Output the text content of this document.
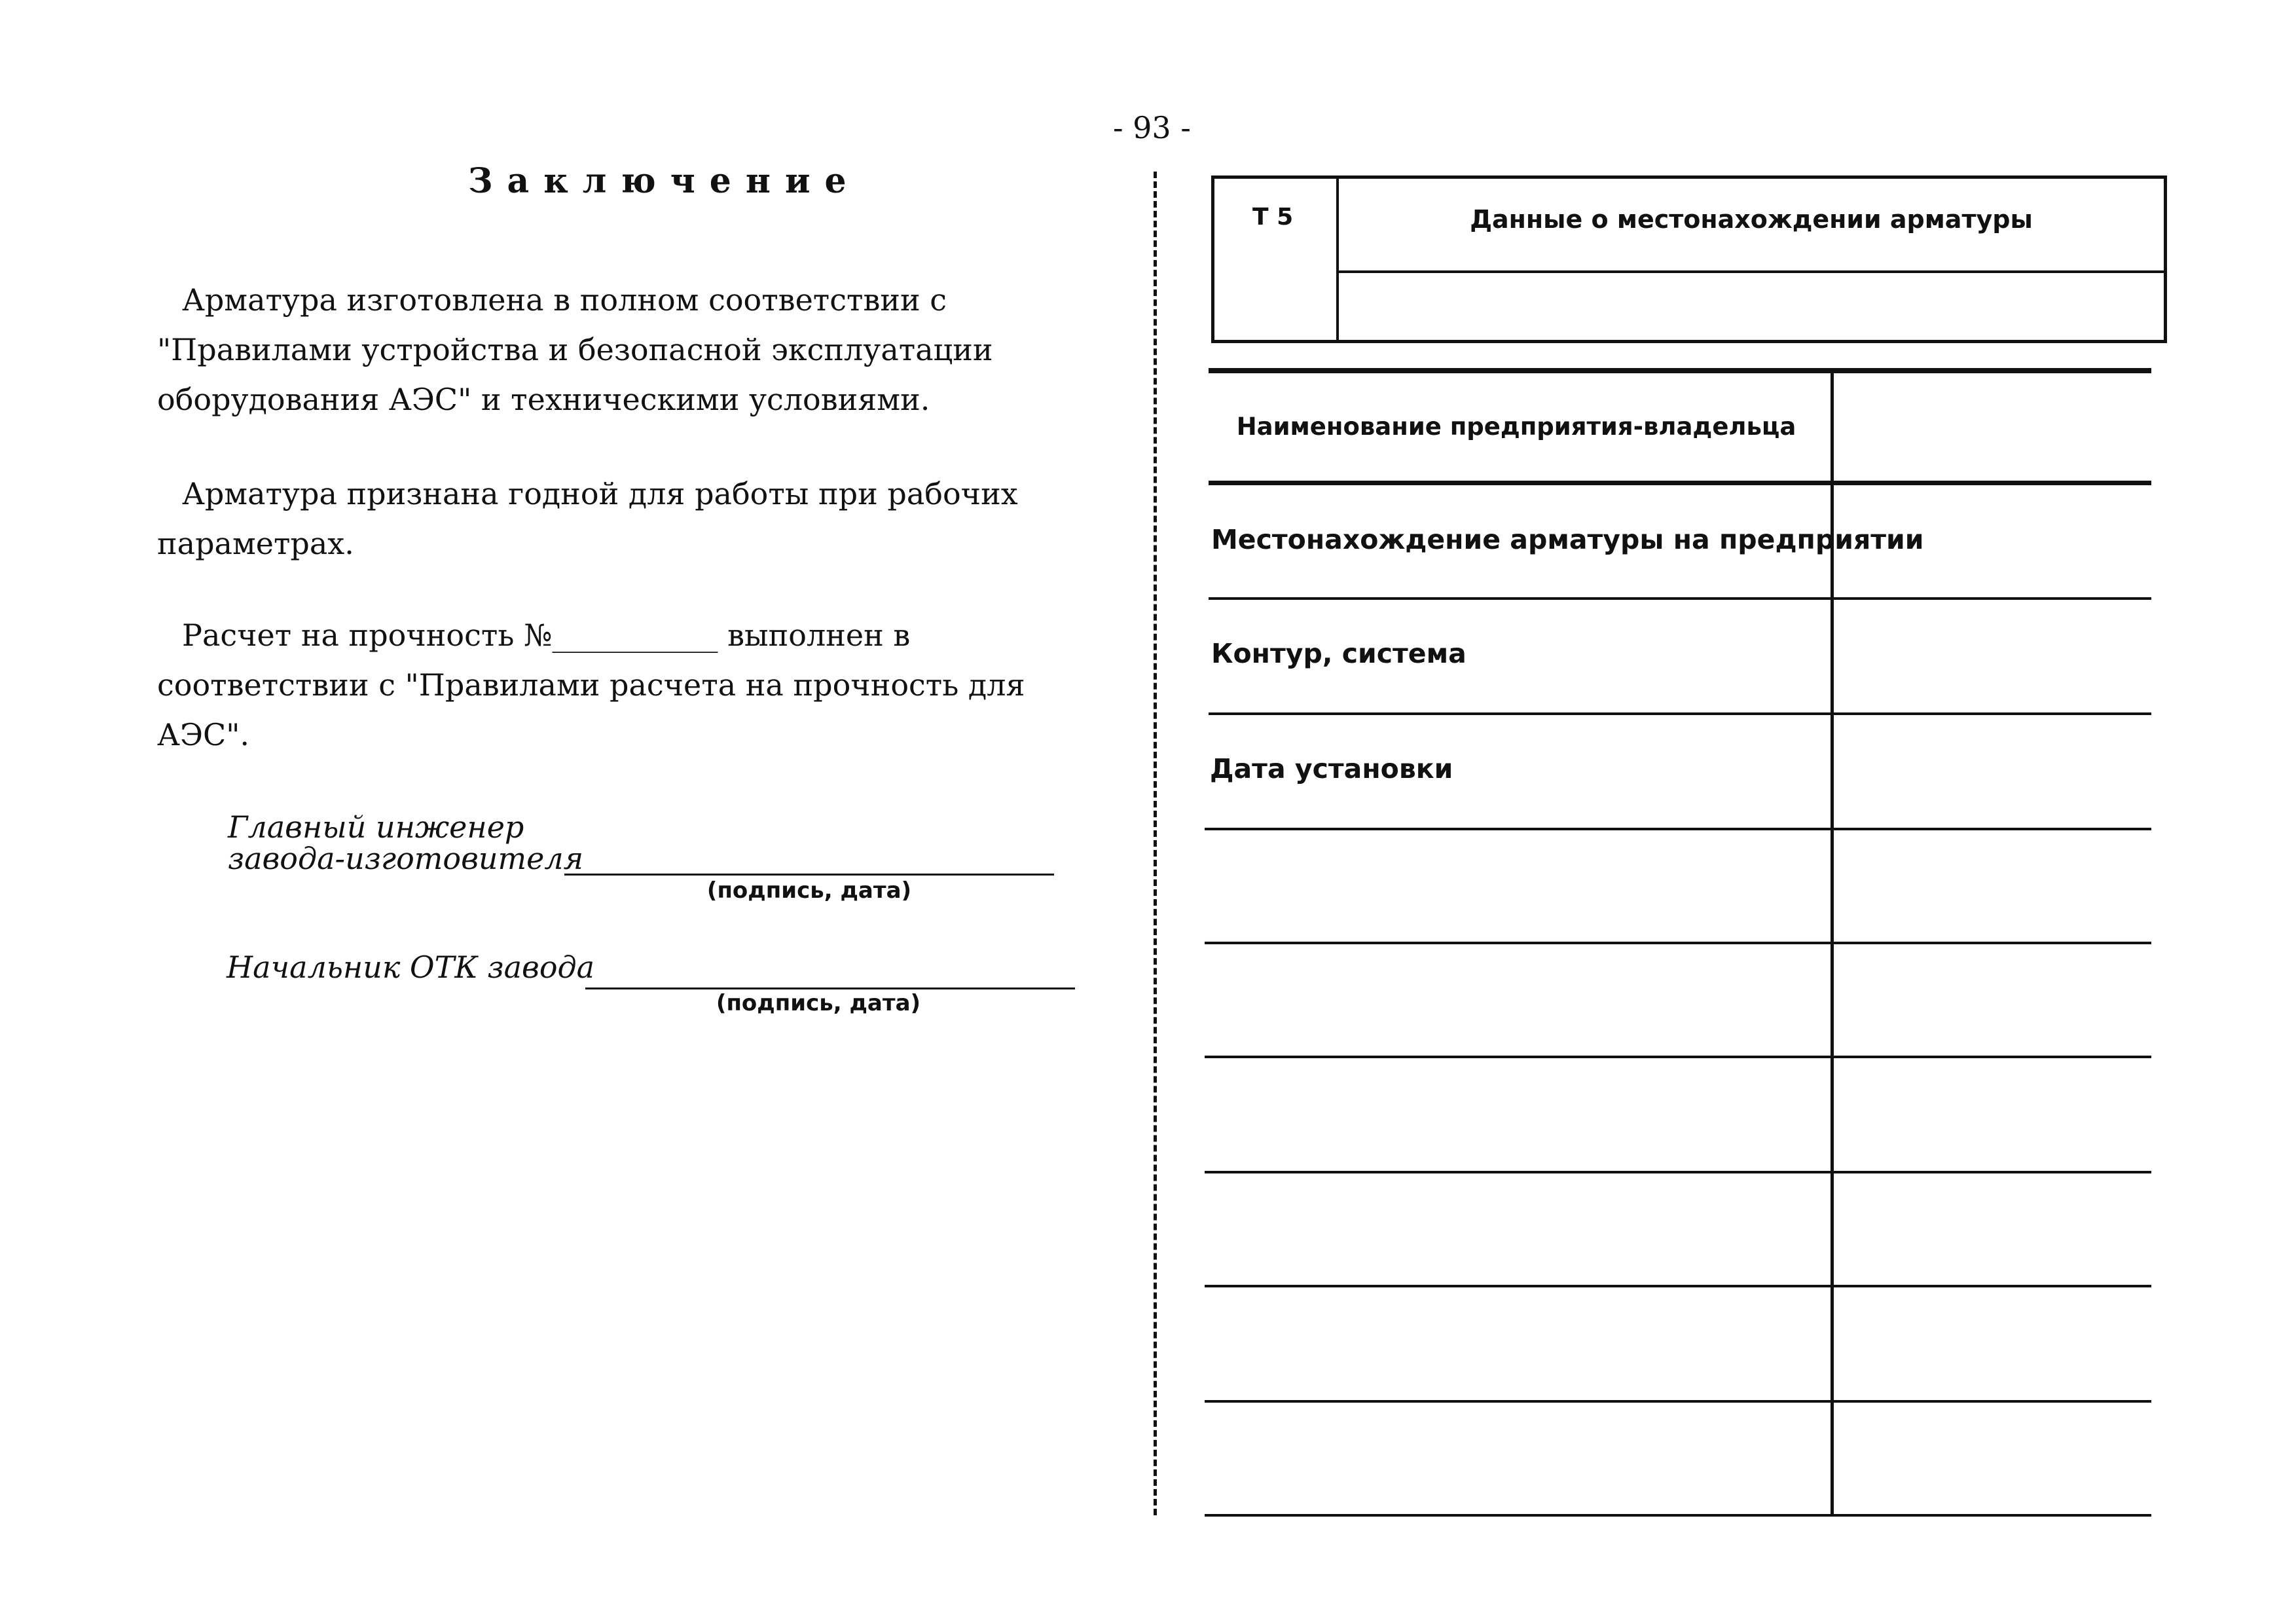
- 93 -
Заключение

Арматура изготовлена в полном соответствии с "Правилами устройства и безопасной эксплуатации оборудования АЭС" и техническими условиями.

Арматура признана годной для работы при рабочих параметрах.

Расчет на прочность №___________ выполнен в соответствии с "Правилами расчета на прочность для АЭС".

Главный инженер
завода-изготовителя
(подпись, дата)
Начальник ОТК завода
(подпись, дата)
Т 5	Данные о местонахождении арматуры
Наименование предприятия-владельца
Местонахождение арматуры на предприятии
Контур, система
Дата установки
